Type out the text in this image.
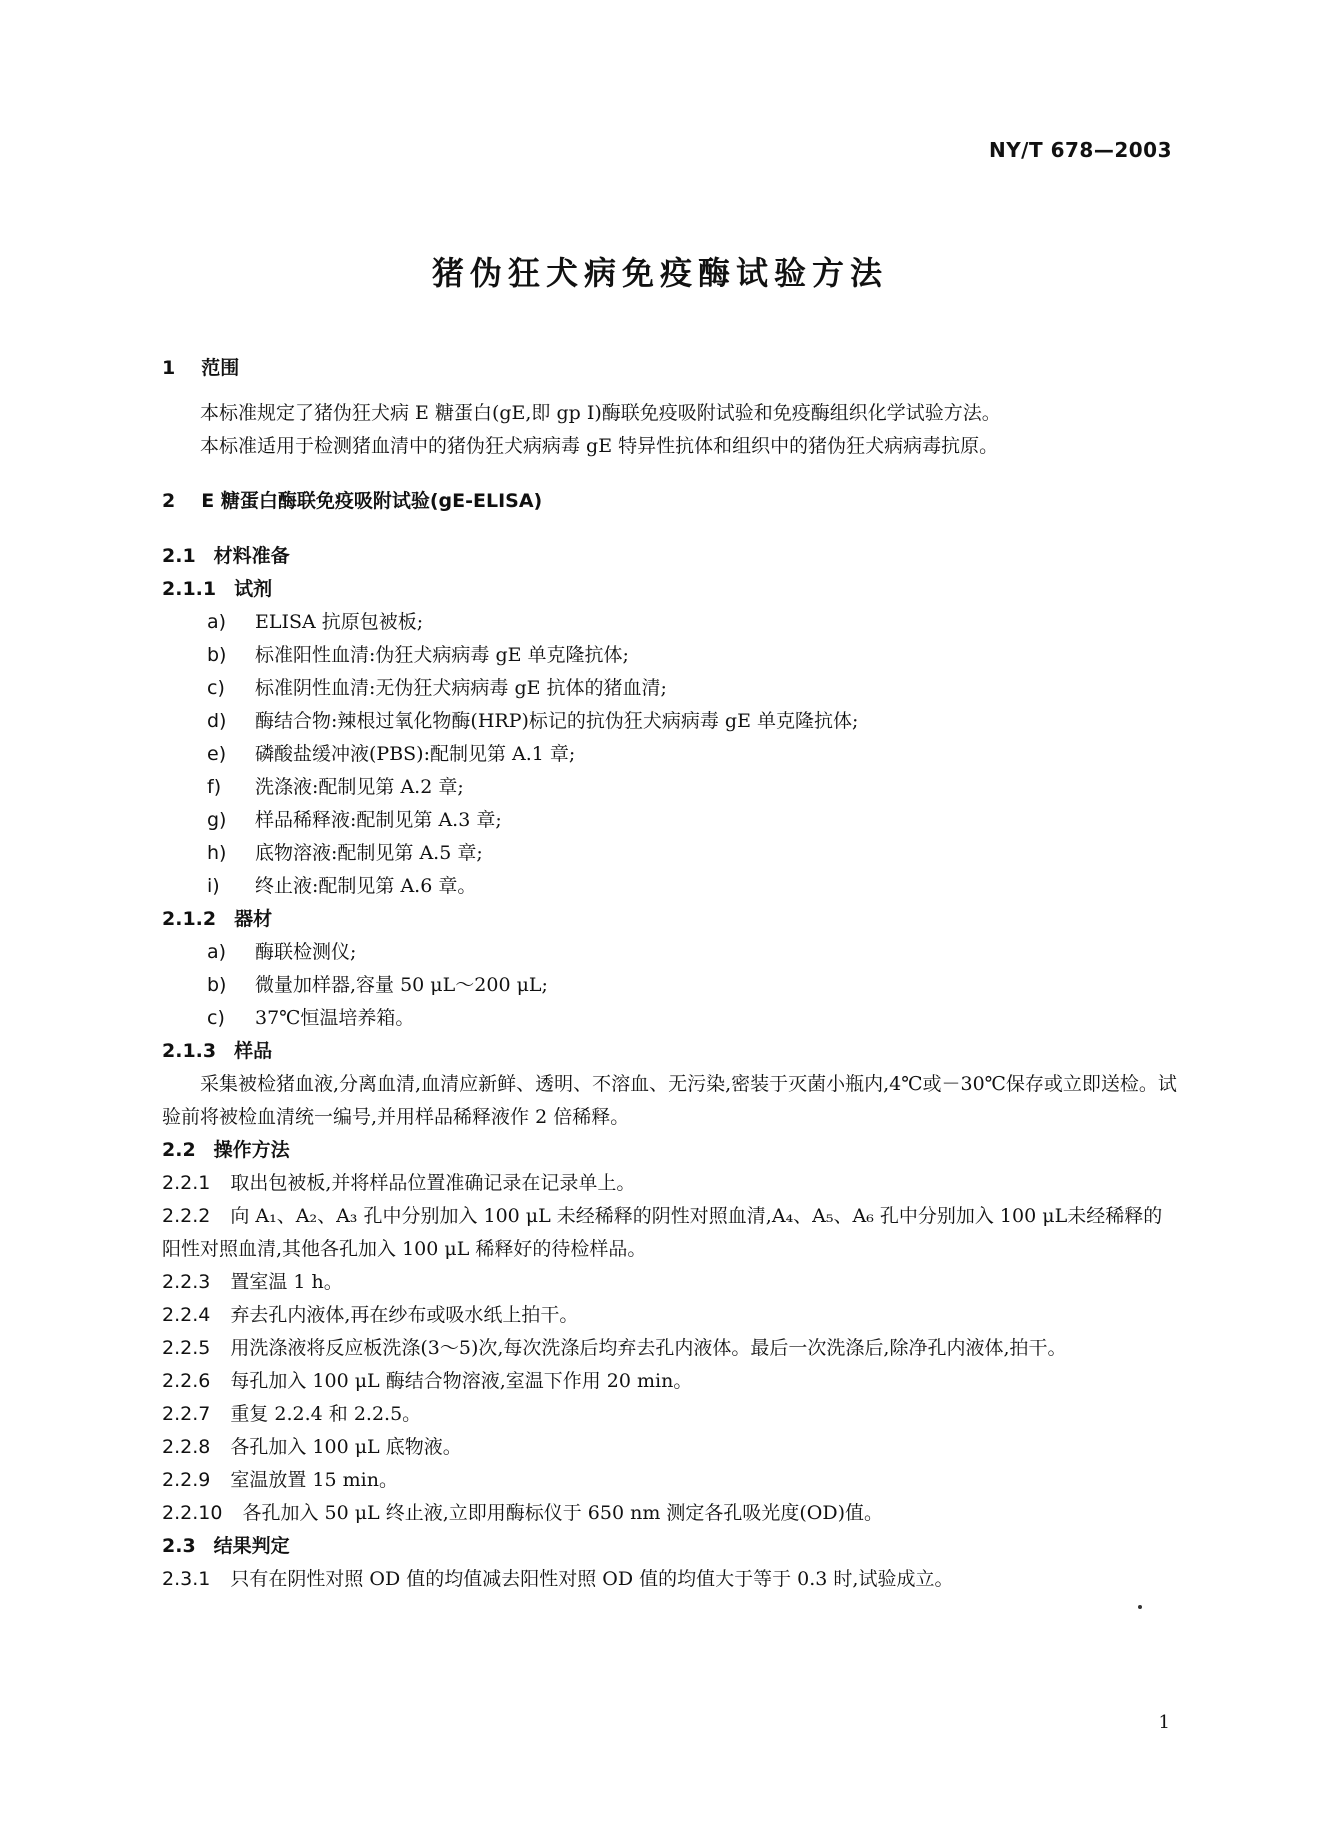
NY/T 678—2003
猪伪狂犬病免疫酶试验方法
1 范围
本标准规定了猪伪狂犬病 E 糖蛋白(gE,即 gp Ⅰ)酶联免疫吸附试验和免疫酶组织化学试验方法。
本标准适用于检测猪血清中的猪伪狂犬病病毒 gE 特异性抗体和组织中的猪伪狂犬病病毒抗原。
2 E 糖蛋白酶联免疫吸附试验(gE-ELISA)
2.1 材料准备
2.1.1 试剂
a)	ELISA 抗原包被板;
b)	标准阳性血清:伪狂犬病病毒 gE 单克隆抗体;
c)	标准阴性血清:无伪狂犬病病毒 gE 抗体的猪血清;
d)	酶结合物:辣根过氧化物酶(HRP)标记的抗伪狂犬病病毒 gE 单克隆抗体;
e)	磷酸盐缓冲液(PBS):配制见第 A.1 章;
f)	洗涤液:配制见第 A.2 章;
g)	样品稀释液:配制见第 A.3 章;
h)	底物溶液:配制见第 A.5 章;
i)	终止液:配制见第 A.6 章。
2.1.2 器材
a)	酶联检测仪;
b)	微量加样器,容量 50 μL～200 μL;
c)	37℃恒温培养箱。
2.1.3 样品
采集被检猪血液,分离血清,血清应新鲜、透明、不溶血、无污染,密装于灭菌小瓶内,4℃或－30℃保存或立即送检。试验前将被检血清统一编号,并用样品稀释液作 2 倍稀释。
2.2 操作方法
2.2.1 取出包被板,并将样品位置准确记录在记录单上。
2.2.2 向 A₁、A₂、A₃ 孔中分别加入 100 μL 未经稀释的阴性对照血清,A₄、A₅、A₆ 孔中分别加入 100 μL未经稀释的阳性对照血清,其他各孔加入 100 μL 稀释好的待检样品。
2.2.3 置室温 1 h。
2.2.4 弃去孔内液体,再在纱布或吸水纸上拍干。
2.2.5 用洗涤液将反应板洗涤(3～5)次,每次洗涤后均弃去孔内液体。最后一次洗涤后,除净孔内液体,拍干。
2.2.6 每孔加入 100 μL 酶结合物溶液,室温下作用 20 min。
2.2.7 重复 2.2.4 和 2.2.5。
2.2.8 各孔加入 100 μL 底物液。
2.2.9 室温放置 15 min。
2.2.10 各孔加入 50 μL 终止液,立即用酶标仪于 650 nm 测定各孔吸光度(OD)值。
2.3 结果判定
2.3.1 只有在阴性对照 OD 值的均值减去阳性对照 OD 值的均值大于等于 0.3 时,试验成立。
1
